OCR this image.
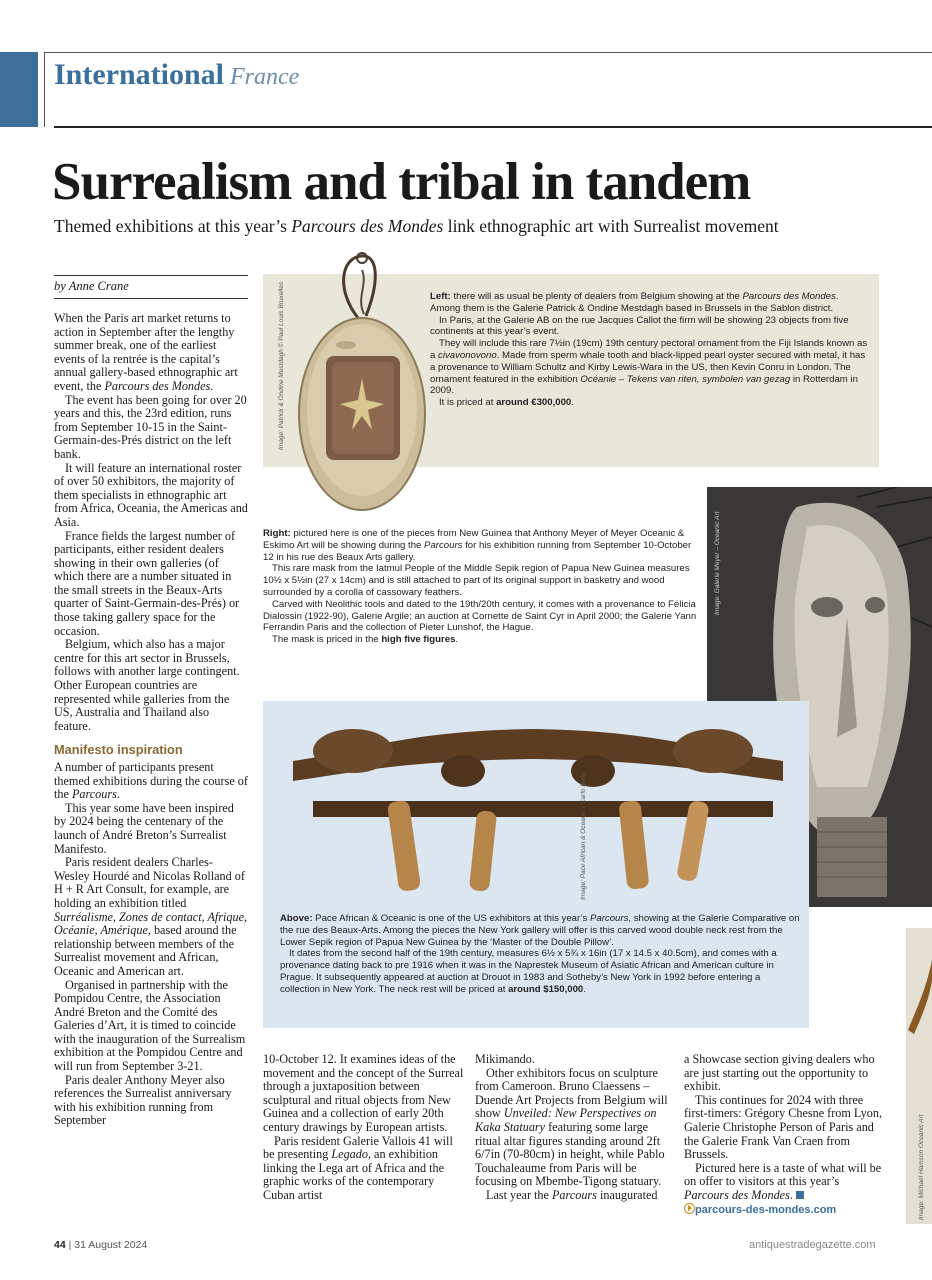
International France
Surrealism and tribal in tandem
Themed exhibitions at this year’s Parcours des Mondes link ethnographic art with Surrealist movement
by Anne Crane

When the Paris art market returns to action in September after the lengthy summer break, one of the earliest events of la rentrée is the capital’s annual gallery-based ethnographic art event, the Parcours des Mondes.

The event has been going for over 20 years and this, the 23rd edition, runs from September 10-15 in the Saint-Germain-des-Prés district on the left bank.

It will feature an international roster of over 50 exhibitors, the majority of them specialists in ethnographic art from Africa, Oceania, the Americas and Asia.

France fields the largest number of participants, either resident dealers showing in their own galleries (of which there are a number situated in the small streets in the Beaux-Arts quarter of Saint-Germain-des-Prés) or those taking gallery space for the occasion.

Belgium, which also has a major centre for this art sector in Brussels, follows with another large contingent. Other European countries are represented while galleries from the US, Australia and Thailand also feature.

Manifesto inspiration

A number of participants present themed exhibitions during the course of the Parcours.

This year some have been inspired by 2024 being the centenary of the launch of André Breton’s Surrealist Manifesto.

Paris resident dealers Charles-Wesley Hourdé and Nicolas Rolland of H + R Art Consult, for example, are holding an exhibition titled Surréalisme, Zones de contact, Afrique, Océanie, Amérique, based around the relationship between members of the Surrealist movement and African, Oceanic and American art.

Organised in partnership with the Pompidou Centre, the Association André Breton and the Comité des Galeries d’Art, it is timed to coincide with the inauguration of the Surrealism exhibition at the Pompidou Centre and will run from September 3-21.

Paris dealer Anthony Meyer also references the Surrealist anniversary with his exhibition running from September

Image: Patrick & Ondine Mestdagh © Paul Louis Bruxelles	Left: there will as usual be plenty of dealers from Belgium showing at the Parcours des Mondes. Among them is the Galerie Patrick & Ondine Mestdagh based in Brussels in the Sablon district.

In Paris, at the Galerie AB on the rue Jacques Callot the firm will be showing 23 objects from five continents at this year’s event.

They will include this rare 7½in (19cm) 19th century pectoral ornament from the Fiji Islands known as a civavonovono. Made from sperm whale tooth and black-lipped pearl oyster secured with metal, it has a provenance to William Schultz and Kirby Lewis-Wara in the US, then Kevin Conru in London. The ornament featured in the exhibition Océanie – Tekens van riten, symbolen van gezag in Rotterdam in 2009.

It is priced at around €300,000.

Right: pictured here is one of the pieces from New Guinea that Anthony Meyer of Meyer Oceanic & Eskimo Art will be showing during the Parcours for his exhibition running from September 10-October 12 in his rue des Beaux Arts gallery.

This rare mask from the Iatmul People of the Middle Sepik region of Papua New Guinea measures 10½ x 5½in (27 x 14cm) and is still attached to part of its original support in basketry and wood surrounded by a corolla of cassowary feathers.

Carved with Neolithic tools and dated to the 19th/20th century, it comes with a provenance to Félicia Dialossin (1922-90), Galerie Argile; an auction at Cornette de Saint Cyr in April 2000; the Galerie Yann Ferrandin Paris and the collection of Pieter Lunshof, the Hague.

The mask is priced in the high five figures.

Image: Galerie Meyer – Oceanic Art
Image: Pace African & Oceanic - Carlo Bella

Above: Pace African & Oceanic is one of the US exhibitors at this year’s Parcours, showing at the Galerie Comparative on the rue des Beaux-Arts. Among the pieces the New York gallery will offer is this carved wood double neck rest from the Lower Sepik region of Papua New Guinea by the ‘Master of the Double Pillow’.

It dates from the second half of the 19th century, measures 6½ x 5¾ x 16in (17 x 14.5 x 40.5cm), and comes with a provenance dating back to pre 1916 when it was in the Naprestek Museum of Asiatic African and American culture in Prague. It subsequently appeared at auction at Drouot in 1983 and Sotheby’s New York in 1992 before entering a collection in New York. The neck rest will be priced at around $150,000.

Image: Michael Hamson Oceanic Art

10-October 12. It examines ideas of the movement and the concept of the Surreal through a juxtaposition between sculptural and ritual objects from New Guinea and a collection of early 20th century drawings by European artists.

Paris resident Galerie Vallois 41 will be presenting Legado, an exhibition linking the Lega art of Africa and the graphic works of the contemporary Cuban artist

Mikimando.

Other exhibitors focus on sculpture from Cameroon. Bruno Claessens – Duende Art Projects from Belgium will show Unveiled: New Perspectives on Kaka Statuary featuring some large ritual altar figures standing around 2ft 6/7in (70-80cm) in height, while Pablo Touchaleaume from Paris will be focusing on Mbembe-Tigong statuary.

Last year the Parcours inaugurated

a Showcase section giving dealers who are just starting out the opportunity to exhibit.

This continues for 2024 with three first-timers: Grégory Chesne from Lyon, Galerie Christophe Person of Paris and the Galerie Frank Van Craen from Brussels.

Pictured here is a taste of what will be on offer to visitors at this year’s Parcours des Mondes.

parcours-des-mondes.com

44 | 31 August 2024	antiquestradegazette.com
